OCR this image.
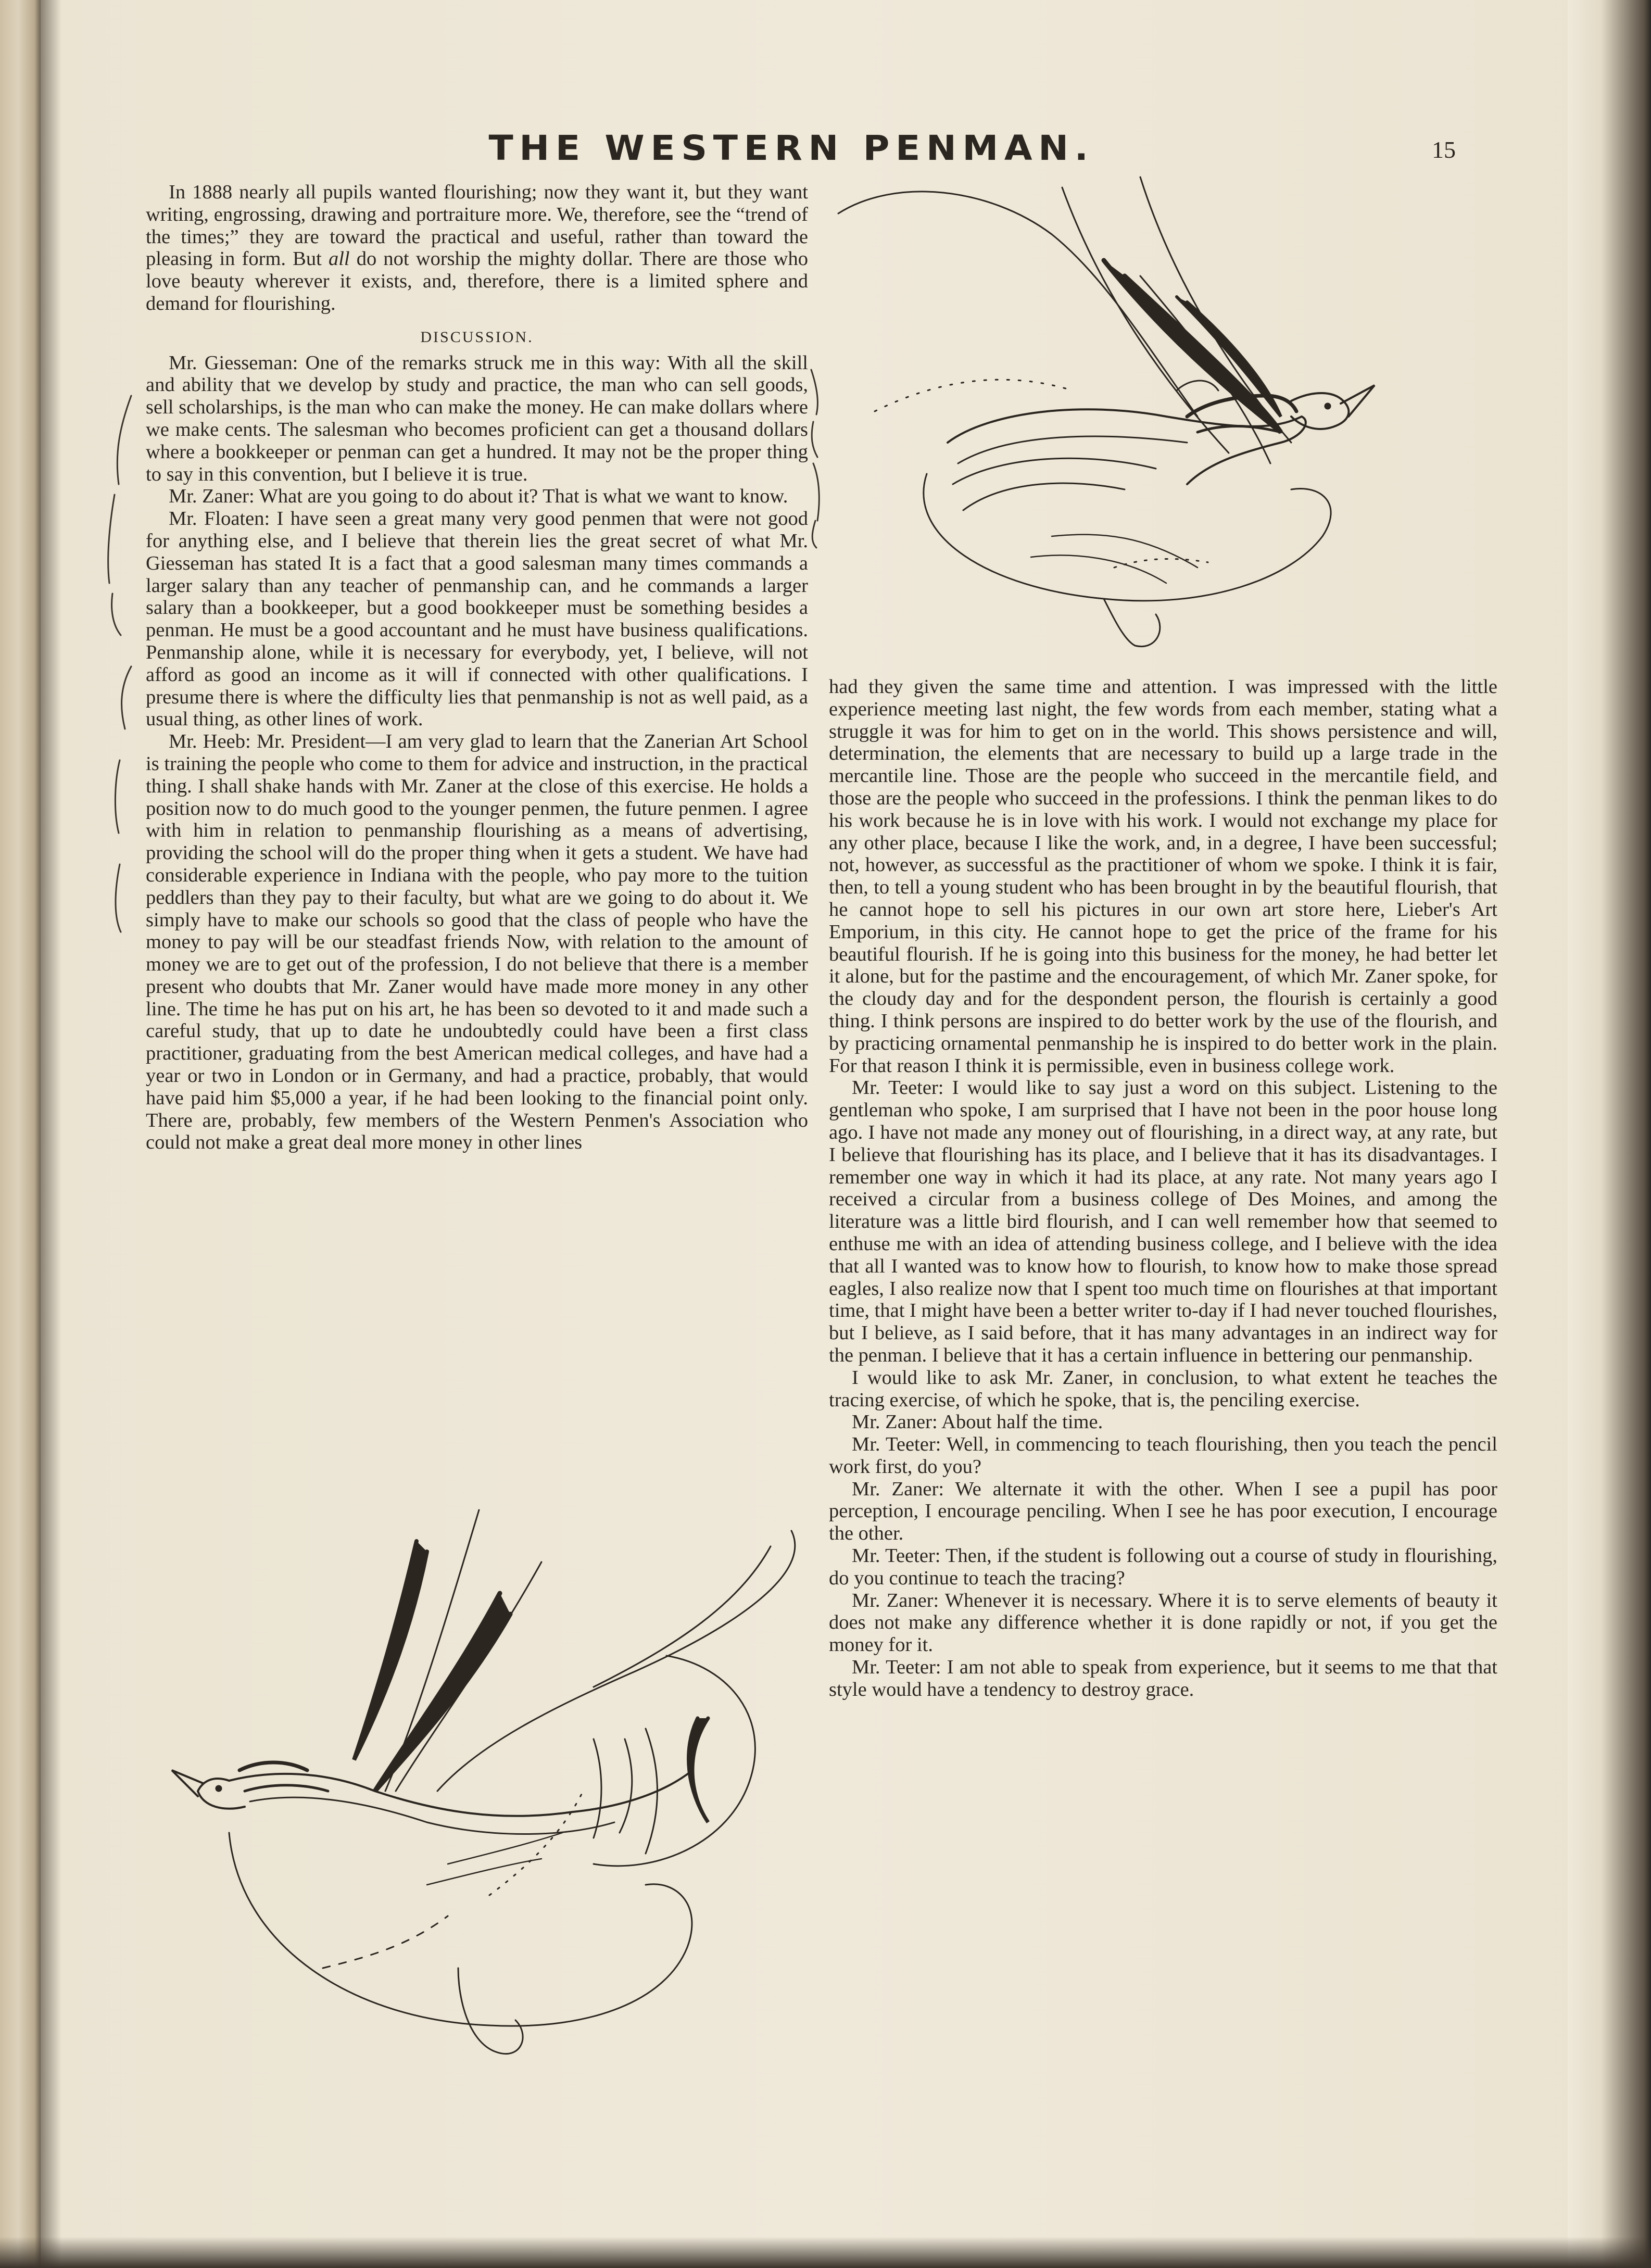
THE WESTERN PENMAN.	15

In 1888 nearly all pupils wanted flourishing; now they want it, but they want writing, engrossing, drawing and portraiture more. We, therefore, see the “trend of the times;” they are toward the practical and useful, rather than toward the pleasing in form. But all do not worship the mighty dollar. There are those who love beauty wherever it exists, and, therefore, there is a limited sphere and demand for flourishing.

DISCUSSION.

Mr. Giesseman: One of the remarks struck me in this way: With all the skill and ability that we develop by study and practice, the man who can sell goods, sell scholarships, is the man who can make the money. He can make dollars where we make cents. The salesman who becomes proficient can get a thousand dollars where a bookkeeper or penman can get a hundred. It may not be the proper thing to say in this convention, but I believe it is true.

Mr. Zaner: What are you going to do about it? That is what we want to know.

Mr. Floaten: I have seen a great many very good penmen that were not good for anything else, and I believe that therein lies the great secret of what Mr. Giesseman has stated It is a fact that a good salesman many times commands a larger salary than any teacher of penmanship can, and he commands a larger salary than a bookkeeper, but a good bookkeeper must be something besides a penman. He must be a good accountant and he must have business qualifications. Penmanship alone, while it is necessary for everybody, yet, I believe, will not afford as good an income as it will if connected with other qualifications. I presume there is where the difficulty lies that penmanship is not as well paid, as a usual thing, as other lines of work.

Mr. Heeb: Mr. President—I am very glad to learn that the Zanerian Art School is training the people who come to them for advice and instruction, in the practical thing. I shall shake hands with Mr. Zaner at the close of this exercise. He holds a position now to do much good to the younger penmen, the future penmen. I agree with him in relation to penmanship flourishing as a means of advertising, providing the school will do the proper thing when it gets a student. We have had considerable experience in Indiana with the people, who pay more to the tuition peddlers than they pay to their faculty, but what are we going to do about it. We simply have to make our schools so good that the class of people who have the money to pay will be our steadfast friends Now, with relation to the amount of money we are to get out of the profession, I do not believe that there is a member present who doubts that Mr. Zaner would have made more money in any other line. The time he has put on his art, he has been so devoted to it and made such a careful study, that up to date he undoubtedly could have been a first class practitioner, graduating from the best American medical colleges, and have had a year or two in London or in Germany, and had a practice, probably, that would have paid him $5,000 a year, if he had been looking to the financial point only. There are, probably, few members of the Western Penmen's Association who could not make a great deal more money in other lines

had they given the same time and attention. I was impressed with the little experience meeting last night, the few words from each member, stating what a struggle it was for him to get on in the world. This shows persistence and will, determination, the elements that are necessary to build up a large trade in the mercantile line. Those are the people who succeed in the mercantile field, and those are the people who succeed in the professions. I think the penman likes to do his work because he is in love with his work. I would not exchange my place for any other place, because I like the work, and, in a degree, I have been successful; not, however, as successful as the practitioner of whom we spoke. I think it is fair, then, to tell a young student who has been brought in by the beautiful flourish, that he cannot hope to sell his pictures in our own art store here, Lieber's Art Emporium, in this city. He cannot hope to get the price of the frame for his beautiful flourish. If he is going into this business for the money, he had better let it alone, but for the pastime and the encouragement, of which Mr. Zaner spoke, for the cloudy day and for the despondent person, the flourish is certainly a good thing. I think persons are inspired to do better work by the use of the flourish, and by practicing ornamental penmanship he is inspired to do better work in the plain. For that reason I think it is permissible, even in business college work.

Mr. Teeter: I would like to say just a word on this subject. Listening to the gentleman who spoke, I am surprised that I have not been in the poor house long ago. I have not made any money out of flourishing, in a direct way, at any rate, but I believe that flourishing has its place, and I believe that it has its disadvantages. I remember one way in which it had its place, at any rate. Not many years ago I received a circular from a business college of Des Moines, and among the literature was a little bird flourish, and I can well remember how that seemed to enthuse me with an idea of attending business college, and I believe with the idea that all I wanted was to know how to flourish, to know how to make those spread eagles, I also realize now that I spent too much time on flourishes at that important time, that I might have been a better writer to-day if I had never touched flourishes, but I believe, as I said before, that it has many advantages in an indirect way for the penman. I believe that it has a certain influence in bettering our penmanship.

I would like to ask Mr. Zaner, in conclusion, to what extent he teaches the tracing exercise, of which he spoke, that is, the penciling exercise.

Mr. Zaner: About half the time.

Mr. Teeter: Well, in commencing to teach flourishing, then you teach the pencil work first, do you?

Mr. Zaner: We alternate it with the other. When I see a pupil has poor perception, I encourage penciling. When I see he has poor execution, I encourage the other.

Mr. Teeter: Then, if the student is following out a course of study in flourishing, do you continue to teach the tracing?

Mr. Zaner: Whenever it is necessary. Where it is to serve elements of beauty it does not make any difference whether it is done rapidly or not, if you get the money for it.

Mr. Teeter: I am not able to speak from experience, but it seems to me that that style would have a tendency to destroy grace.
